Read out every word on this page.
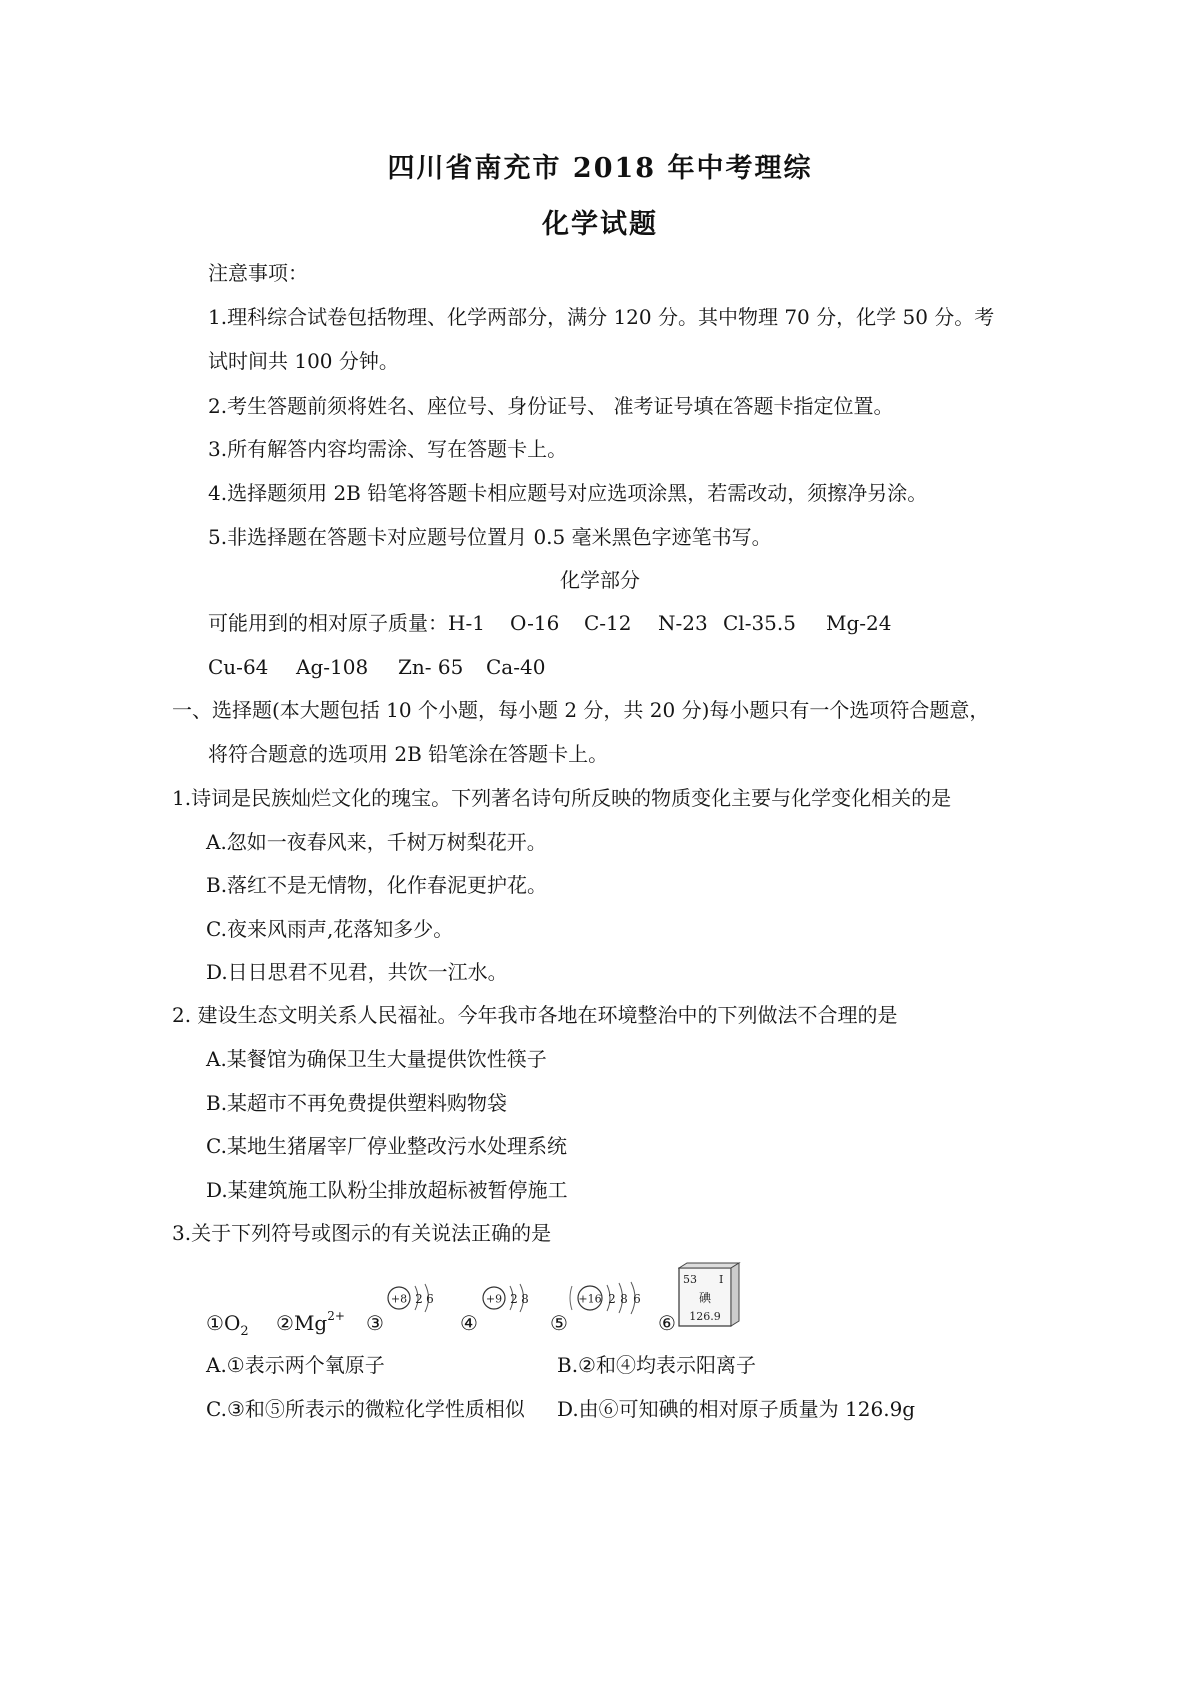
四川省南充市 2018 年中考理综
化学试题
注意事项：
1.理科综合试卷包括物理、化学两部分，满分 120 分。其中物理 70 分，化学 50 分。考
试时间共 100 分钟。
2.考生答题前须将姓名、座位号、身份证号、 准考证号填在答题卡指定位置。
3.所有解答内容均需涂、写在答题卡上。
4.选择题须用 2B 铅笔将答题卡相应题号对应选项涂黑，若需改动，须擦净另涂。
5.非选择题在答题卡对应题号位置月 0.5 毫米黑色字迹笔书写。
化学部分
可能用到的相对原子质量：H-1 O-16 C-12 N-23 Cl-35.5 Mg-24
Cu-64 Ag-108 Zn- 65 Ca-40
一、选择题(本大题包括 10 个小题，每小题 2 分，共 20 分)每小题只有一个选项符合题意，
将符合题意的选项用 2B 铅笔涂在答题卡上。
1.诗词是民族灿烂文化的瑰宝。下列著名诗句所反映的物质变化主要与化学变化相关的是
A.忽如一夜春风来，千树万树梨花开。
B.落红不是无情物，化作春泥更护花。
C.夜来风雨声,花落知多少。
D.日日思君不见君，共饮一江水。
2. 建设生态文明关系人民福祉。今年我市各地在环境整治中的下列做法不合理的是
A.某餐馆为确保卫生大量提供饮性筷子
B.某超市不再免费提供塑料购物袋
C.某地生猪屠宰厂停业整改污水处理系统
D.某建筑施工队粉尘排放超标被暂停施工
3.关于下列符号或图示的有关说法正确的是
$①O_2$ $②Mg^{2+}$ ③	④	⑤	⑥
+8 2 6	+9 2 8	+16 2 8 6
53 I
碘
126.9
A.①表示两个氧原子	B.②和④均表示阳离子
C.③和⑤所表示的微粒化学性质相似 D.由⑥可知碘的相对原子质量为 126.9g
